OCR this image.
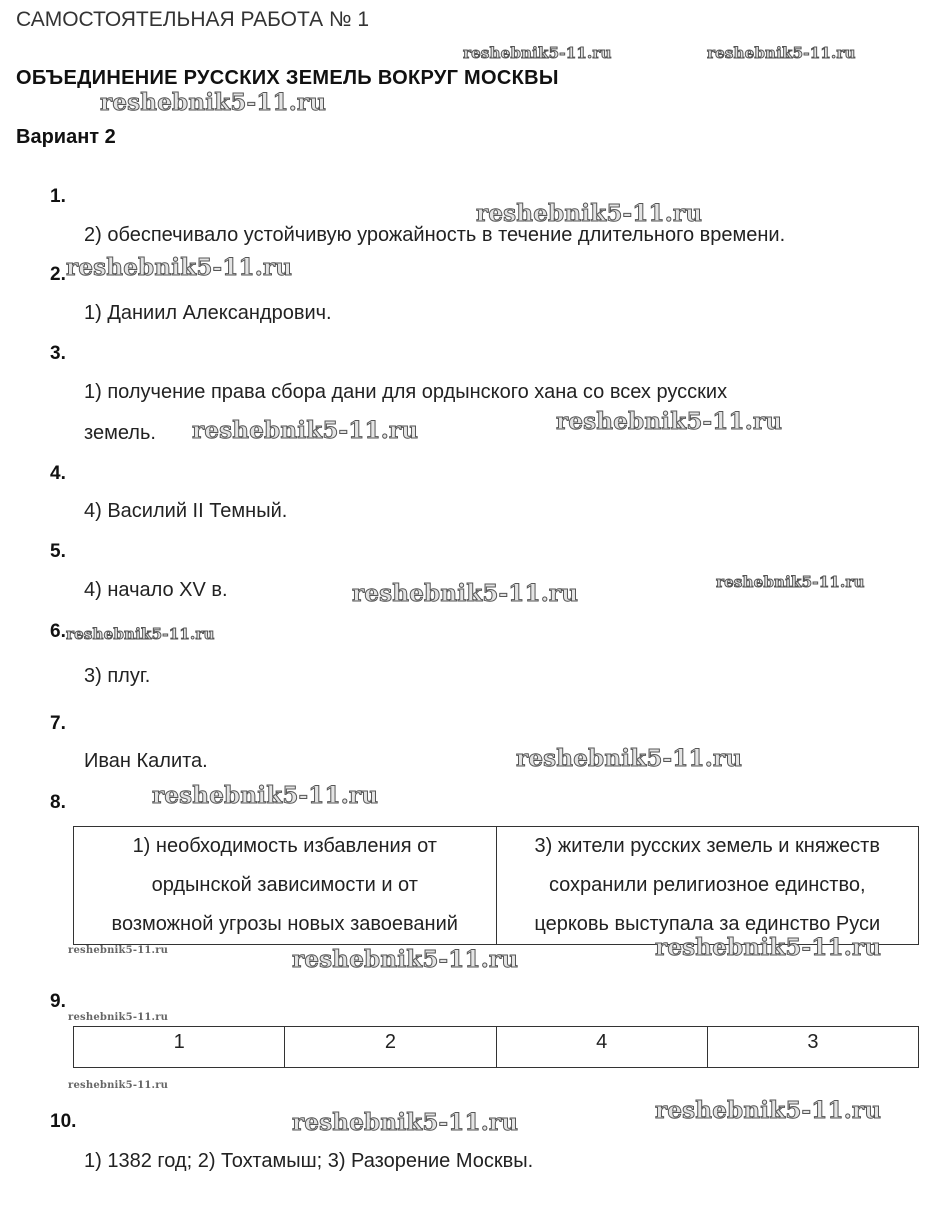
САМОСТОЯТЕЛЬНАЯ РАБОТА № 1
ОБЪЕДИНЕНИЕ РУССКИХ ЗЕМЕЛЬ ВОКРУГ МОСКВЫ
Вариант 2
1.
2.
3.
4.
5.
6.
7.
8.
9.
10.
2) обеспечивало устойчивую урожайность в течение длительного времени.
1) Даниил Александрович.
1) получение права сбора дани для ордынского хана со всех русских
земель.
4) Василий II Темный.
4) начало XV в.
3) плуг.
Иван Калита.
1) 1382 год; 2) Тохтамыш; 3) Разорение Москвы.
1) необходимость избавления от
ордынской зависимости и от
возможной угрозы новых завоеваний

3) жители русских земель и княжеств
сохранили религиозное единство,
церковь выступала за единство Руси
1	2	4	3
reshebnik5-11.ru	reshebnik5-11.ru
reshebnik5-11.ru
reshebnik5-11.ru
reshebnik5-11.ru
reshebnik5-11.ru	reshebnik5-11.ru
reshebnik5-11.ru
reshebnik5-11.ru
reshebnik5-11.ru
reshebnik5-11.ru
reshebnik5-11.ru
reshebnik5-11.ru	reshebnik5-11.ru
reshebnik5-11.ru
reshebnik5-11.ru
reshebnik5-11.ru
reshebnik5-11.ru
reshebnik5-11.ru
